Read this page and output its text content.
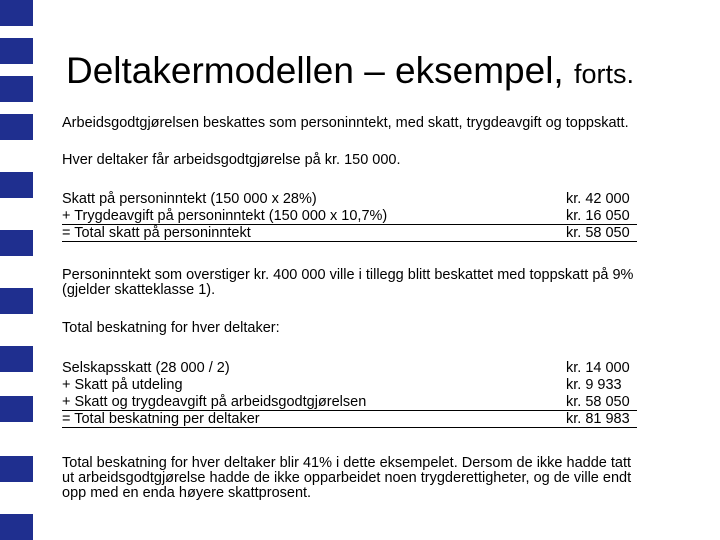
Deltakermodellen – eksempel, forts.
Arbeidsgodtgjørelsen beskattes som personinntekt, med skatt, trygdeavgift og toppskatt.
Hver deltaker får arbeidsgodtgjørelse på kr. 150 000.
Skatt på personinntekt (150 000 x 28%)	kr. 42 000
+ Trygdeavgift på personinntekt (150 000 x 10,7%)	kr. 16 050
= Total skatt på personinntekt	kr. 58 050
Personinntekt som overstiger kr. 400 000 ville i tillegg blitt beskattet med toppskatt på 9%
(gjelder skatteklasse 1).
Total beskatning for hver deltaker:
Selskapsskatt (28 000 / 2)	kr. 14 000
+ Skatt på utdeling	kr. 9 933
+ Skatt og trygdeavgift på arbeidsgodtgjørelsen	kr. 58 050
= Total beskatning per deltaker	kr. 81 983
Total beskatning for hver deltaker blir 41% i dette eksempelet. Dersom de ikke hadde tatt
ut arbeidsgodtgjørelse hadde de ikke opparbeidet noen trygderettigheter, og de ville endt
opp med en enda høyere skattprosent.
